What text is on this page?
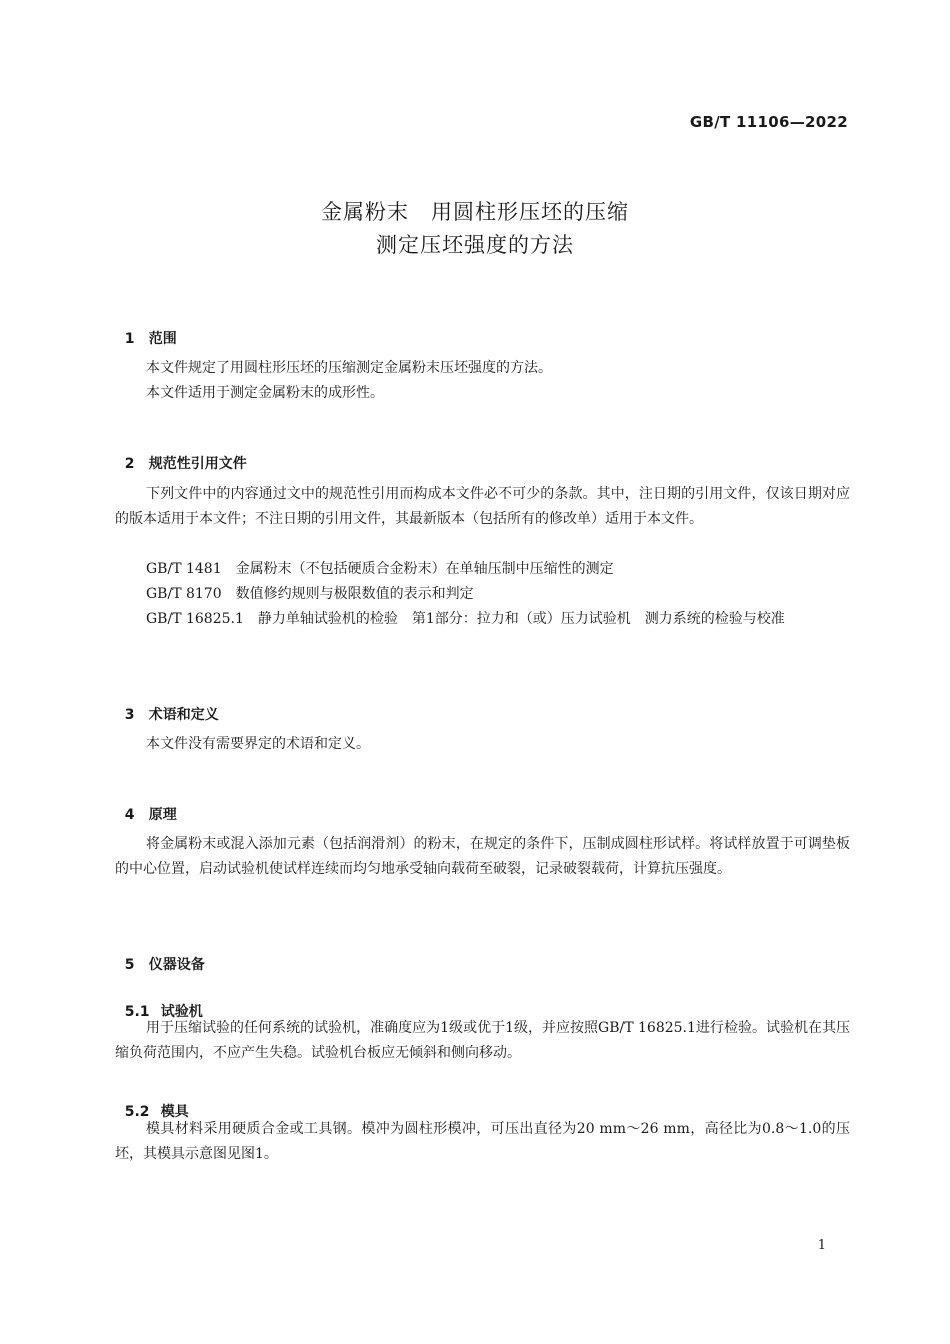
GB/T 11106—2022
金属粉末　用圆柱形压坯的压缩
测定压坯强度的方法

1 范围

本文件规定了用圆柱形压坯的压缩测定金属粉末压坯强度的方法。
本文件适用于测定金属粉末的成形性。

2 规范性引用文件

下列文件中的内容通过文中的规范性引用而构成本文件必不可少的条款。其中，注日期的引用文件，仅该日期对应的版本适用于本文件；不注日期的引用文件，其最新版本（包括所有的修改单）适用于本文件。
GB/T 1481　金属粉末（不包括硬质合金粉末）在单轴压制中压缩性的测定
GB/T 8170　数值修约规则与极限数值的表示和判定
GB/T 16825.1　静力单轴试验机的检验　第1部分：拉力和（或）压力试验机　测力系统的检验与校准

3 术语和定义

本文件没有需要界定的术语和定义。

4 原理

将金属粉末或混入添加元素（包括润滑剂）的粉末，在规定的条件下，压制成圆柱形试样。将试样放置于可调垫板的中心位置，启动试验机使试样连续而均匀地承受轴向载荷至破裂，记录破裂载荷，计算抗压强度。

5 仪器设备

5.1 试验机

用于压缩试验的任何系统的试验机，准确度应为1级或优于1级，并应按照GB/T 16825.1进行检验。试验机在其压缩负荷范围内，不应产生失稳。试验机台板应无倾斜和侧向移动。

5.2 模具

模具材料采用硬质合金或工具钢。模冲为圆柱形模冲，可压出直径为20 mm～26 mm，高径比为0.8～1.0的压坯，其模具示意图见图1。
1
